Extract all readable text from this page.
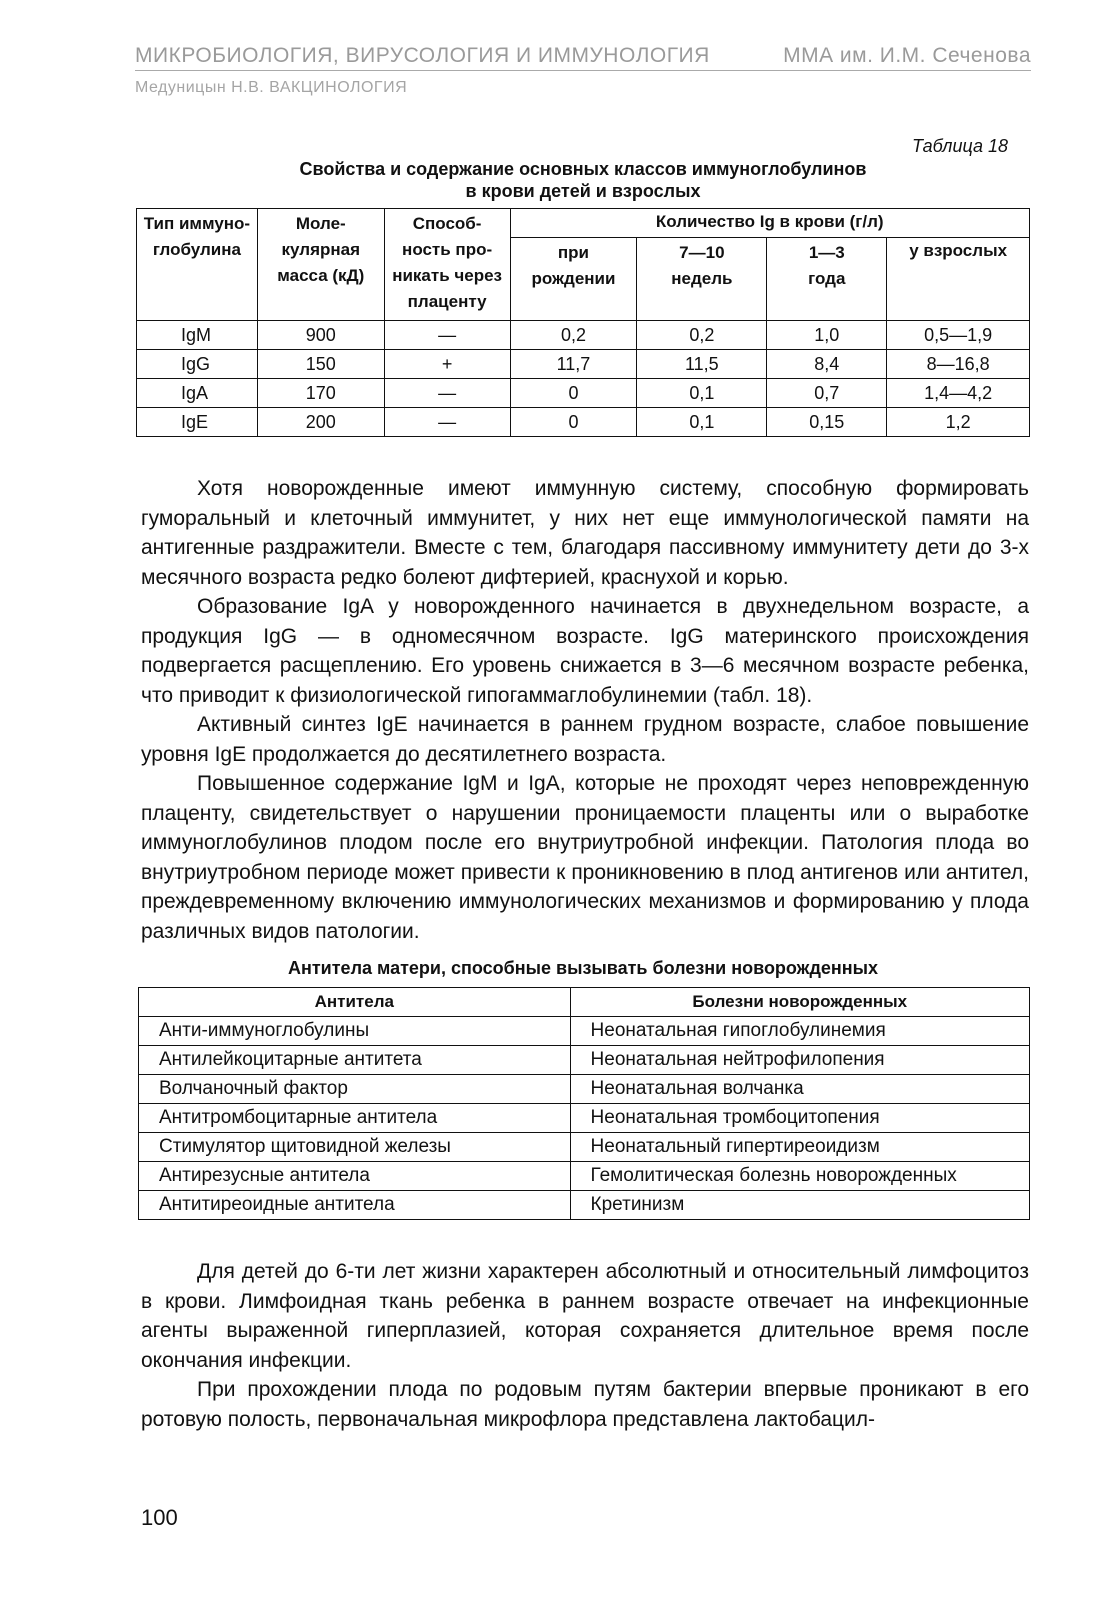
МИКРОБИОЛОГИЯ, ВИРУСОЛОГИЯ И ИММУНОЛОГИЯ	ММА им. И.М. Сеченова
Медуницын Н.В. ВАКЦИНОЛОГИЯ
Таблица 18
Свойства и содержание основных классов иммуноглобулинов
в крови детей и взрослых
Тип иммуно- глобулина	Моле- кулярная масса (кД)	Способ- ность про- никать через плаценту	Количество Ig в крови (г/л)			
			при рождении	7—10 недель	1—3 года	у взрослых
IgM	900	—	0,2	0,2	1,0	0,5—1,9
IgG	150	+	11,7	11,5	8,4	8—16,8
IgA	170	—	0	0,1	0,7	1,4—4,2
IgE	200	—	0	0,1	0,15	1,2

Хотя новорожденные имеют иммунную систему, способную формировать гуморальный и клеточный иммунитет, у них нет еще иммунологической памяти на антигенные раздражители. Вместе с тем, благодаря пассивному иммунитету дети до 3-х месячного возраста редко болеют дифтерией, краснухой и корью.

Образование IgA у новорожденного начинается в двухнедельном возрасте, а продукция IgG — в одномесячном возрасте. IgG материнского происхождения подвергается расщеплению. Его уровень снижается в 3—6 месячном возрасте ребенка, что приводит к физиологической гипогаммаглобулинемии (табл. 18).

Активный синтез IgE начинается в раннем грудном возрасте, слабое повышение уровня IgE продолжается до десятилетнего возраста.

Повышенное содержание IgM и IgA, которые не проходят через неповрежденную плаценту, свидетельствует о нарушении проницаемости плаценты или о выработке иммуноглобулинов плодом после его внутриутробной инфекции. Патология плода во внутриутробном периоде может привести к проникновению в плод антигенов или антител, преждевременному включению иммунологических механизмов и формированию у плода различных видов патологии.

Антитела матери, способные вызывать болезни новорожденных
Антитела	Болезни новорожденных
Анти-иммуноглобулины	Неонатальная гипоглобулинемия
Антилейкоцитарные антитета	Неонатальная нейтрофилопения
Волчаночный фактор	Неонатальная волчанка
Антитромбоцитарные антитела	Неонатальная тромбоцитопения
Стимулятор щитовидной железы	Неонатальный гипертиреоидизм
Антирезусные антитела	Гемолитическая болезнь новорожденных
Антитиреоидные антитела	Кретинизм

Для детей до 6-ти лет жизни характерен абсолютный и относительный лимфоцитоз в крови. Лимфоидная ткань ребенка в раннем возрасте отвечает на инфекционные агенты выраженной гиперплазией, которая сохраняется длительное время после окончания инфекции.

При прохождении плода по родовым путям бактерии впервые проникают в его ротовую полость, первоначальная микрофлора представлена лактобацил-

100
